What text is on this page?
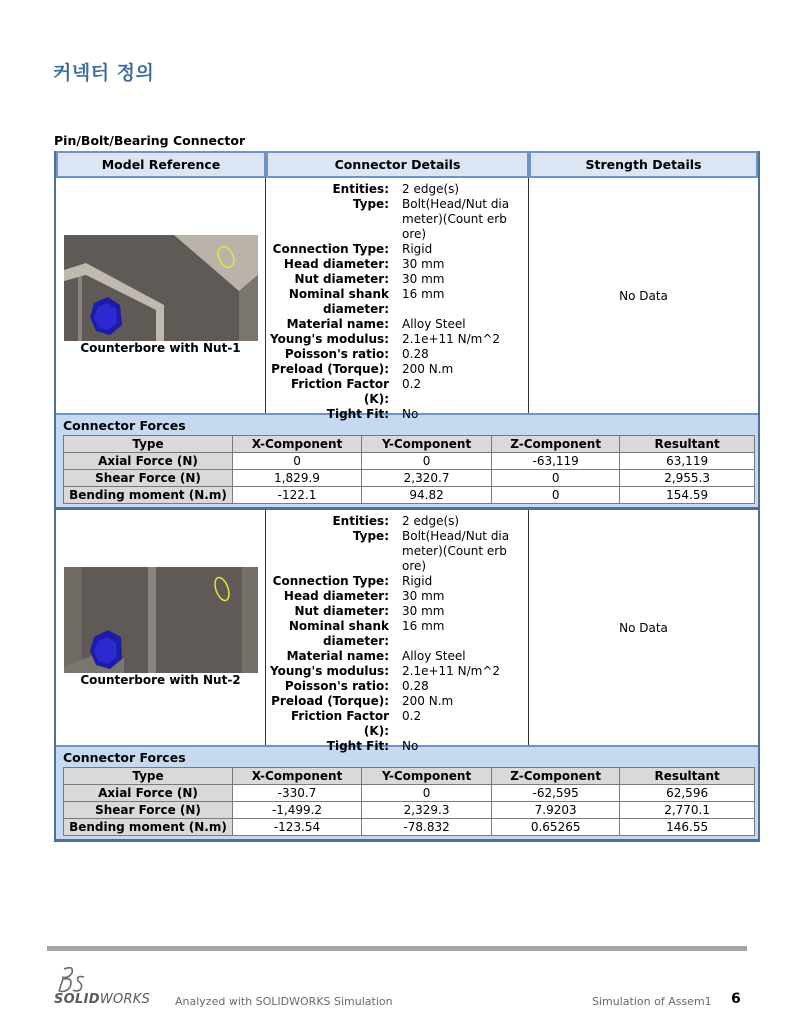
커넥터 정의
Pin/Bolt/Bearing Connector
Model Reference	Connector Details	Strength Details
Counterbore with Nut-1
Entities:	2 edge(s)
Type:	Bolt(Head/Nut diameter)(Count erbore)
Connection Type:	Rigid
Head diameter:	30 mm
Nut diameter:	30 mm
Nominal shank diameter:
16 mm
Material name:	Alloy Steel
Young's modulus:	2.1e+11 N/m^2
Poisson's ratio:	0.28
Preload (Torque):	200 N.m
Friction Factor (K):
0.2
Tight Fit:	No
No Data
Connector Forces
Type	X-Component	Y-Component	Z-Component	Resultant
Axial Force (N)	0	0	-63,119	63,119
Shear Force (N)	1,829.9	2,320.7	0	2,955.3
Bending moment (N.m)	-122.1	94.82	0	154.59
Counterbore with Nut-2
Entities:	2 edge(s)
Type:	Bolt(Head/Nut diameter)(Count erbore)
Connection Type:	Rigid
Head diameter:	30 mm
Nut diameter:	30 mm
Nominal shank diameter:
16 mm
Material name:	Alloy Steel
Young's modulus:	2.1e+11 N/m^2
Poisson's ratio:	0.28
Preload (Torque):	200 N.m
Friction Factor (K):
0.2
Tight Fit:	No
No Data
Connector Forces
Type	X-Component	Y-Component	Z-Component	Resultant
Axial Force (N)	-330.7	0	-62,595	62,596
Shear Force (N)	-1,499.2	2,329.3	7.9203	2,770.1
Bending moment (N.m)	-123.54	-78.832	0.65265	146.55
SOLIDWORKS Analyzed with SOLIDWORKS Simulation	Simulation of Assem1 6
